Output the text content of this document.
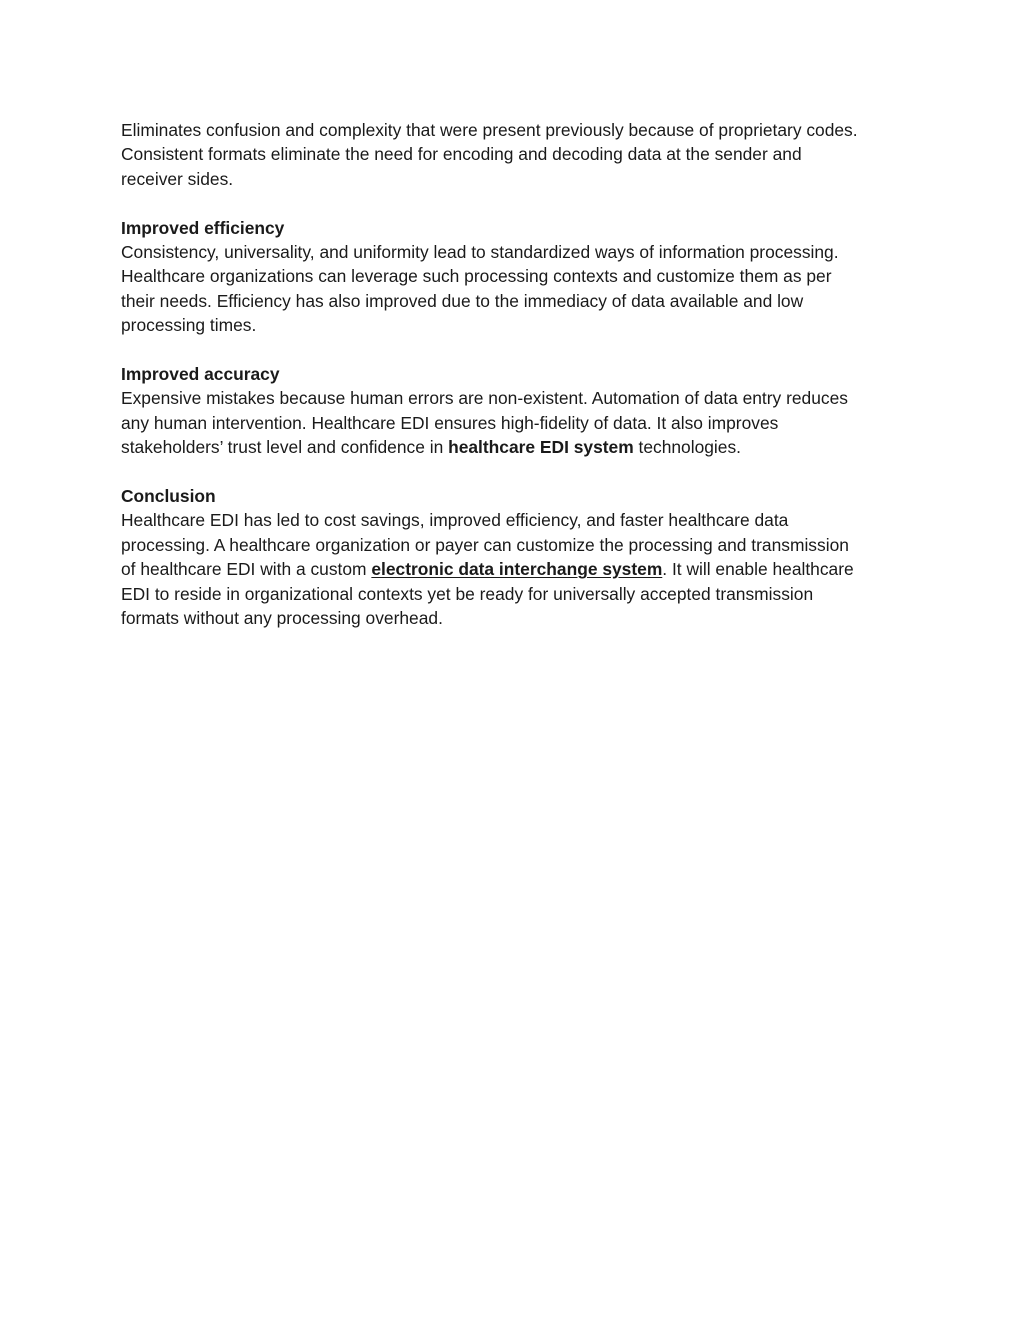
Eliminates confusion and complexity that were present previously because of proprietary codes.

Consistent formats eliminate the need for encoding and decoding data at the sender and

receiver sides.

Improved efficiency

Consistency, universality, and uniformity lead to standardized ways of information processing.

Healthcare organizations can leverage such processing contexts and customize them as per

their needs. Efficiency has also improved due to the immediacy of data available and low

processing times.

Improved accuracy

Expensive mistakes because human errors are non-existent. Automation of data entry reduces

any human intervention. Healthcare EDI ensures high-fidelity of data. It also improves

stakeholders’ trust level and confidence in healthcare EDI system technologies.

Conclusion

Healthcare EDI has led to cost savings, improved efficiency, and faster healthcare data

processing. A healthcare organization or payer can customize the processing and transmission

of healthcare EDI with a custom electronic data interchange system. It will enable healthcare

EDI to reside in organizational contexts yet be ready for universally accepted transmission

formats without any processing overhead.
